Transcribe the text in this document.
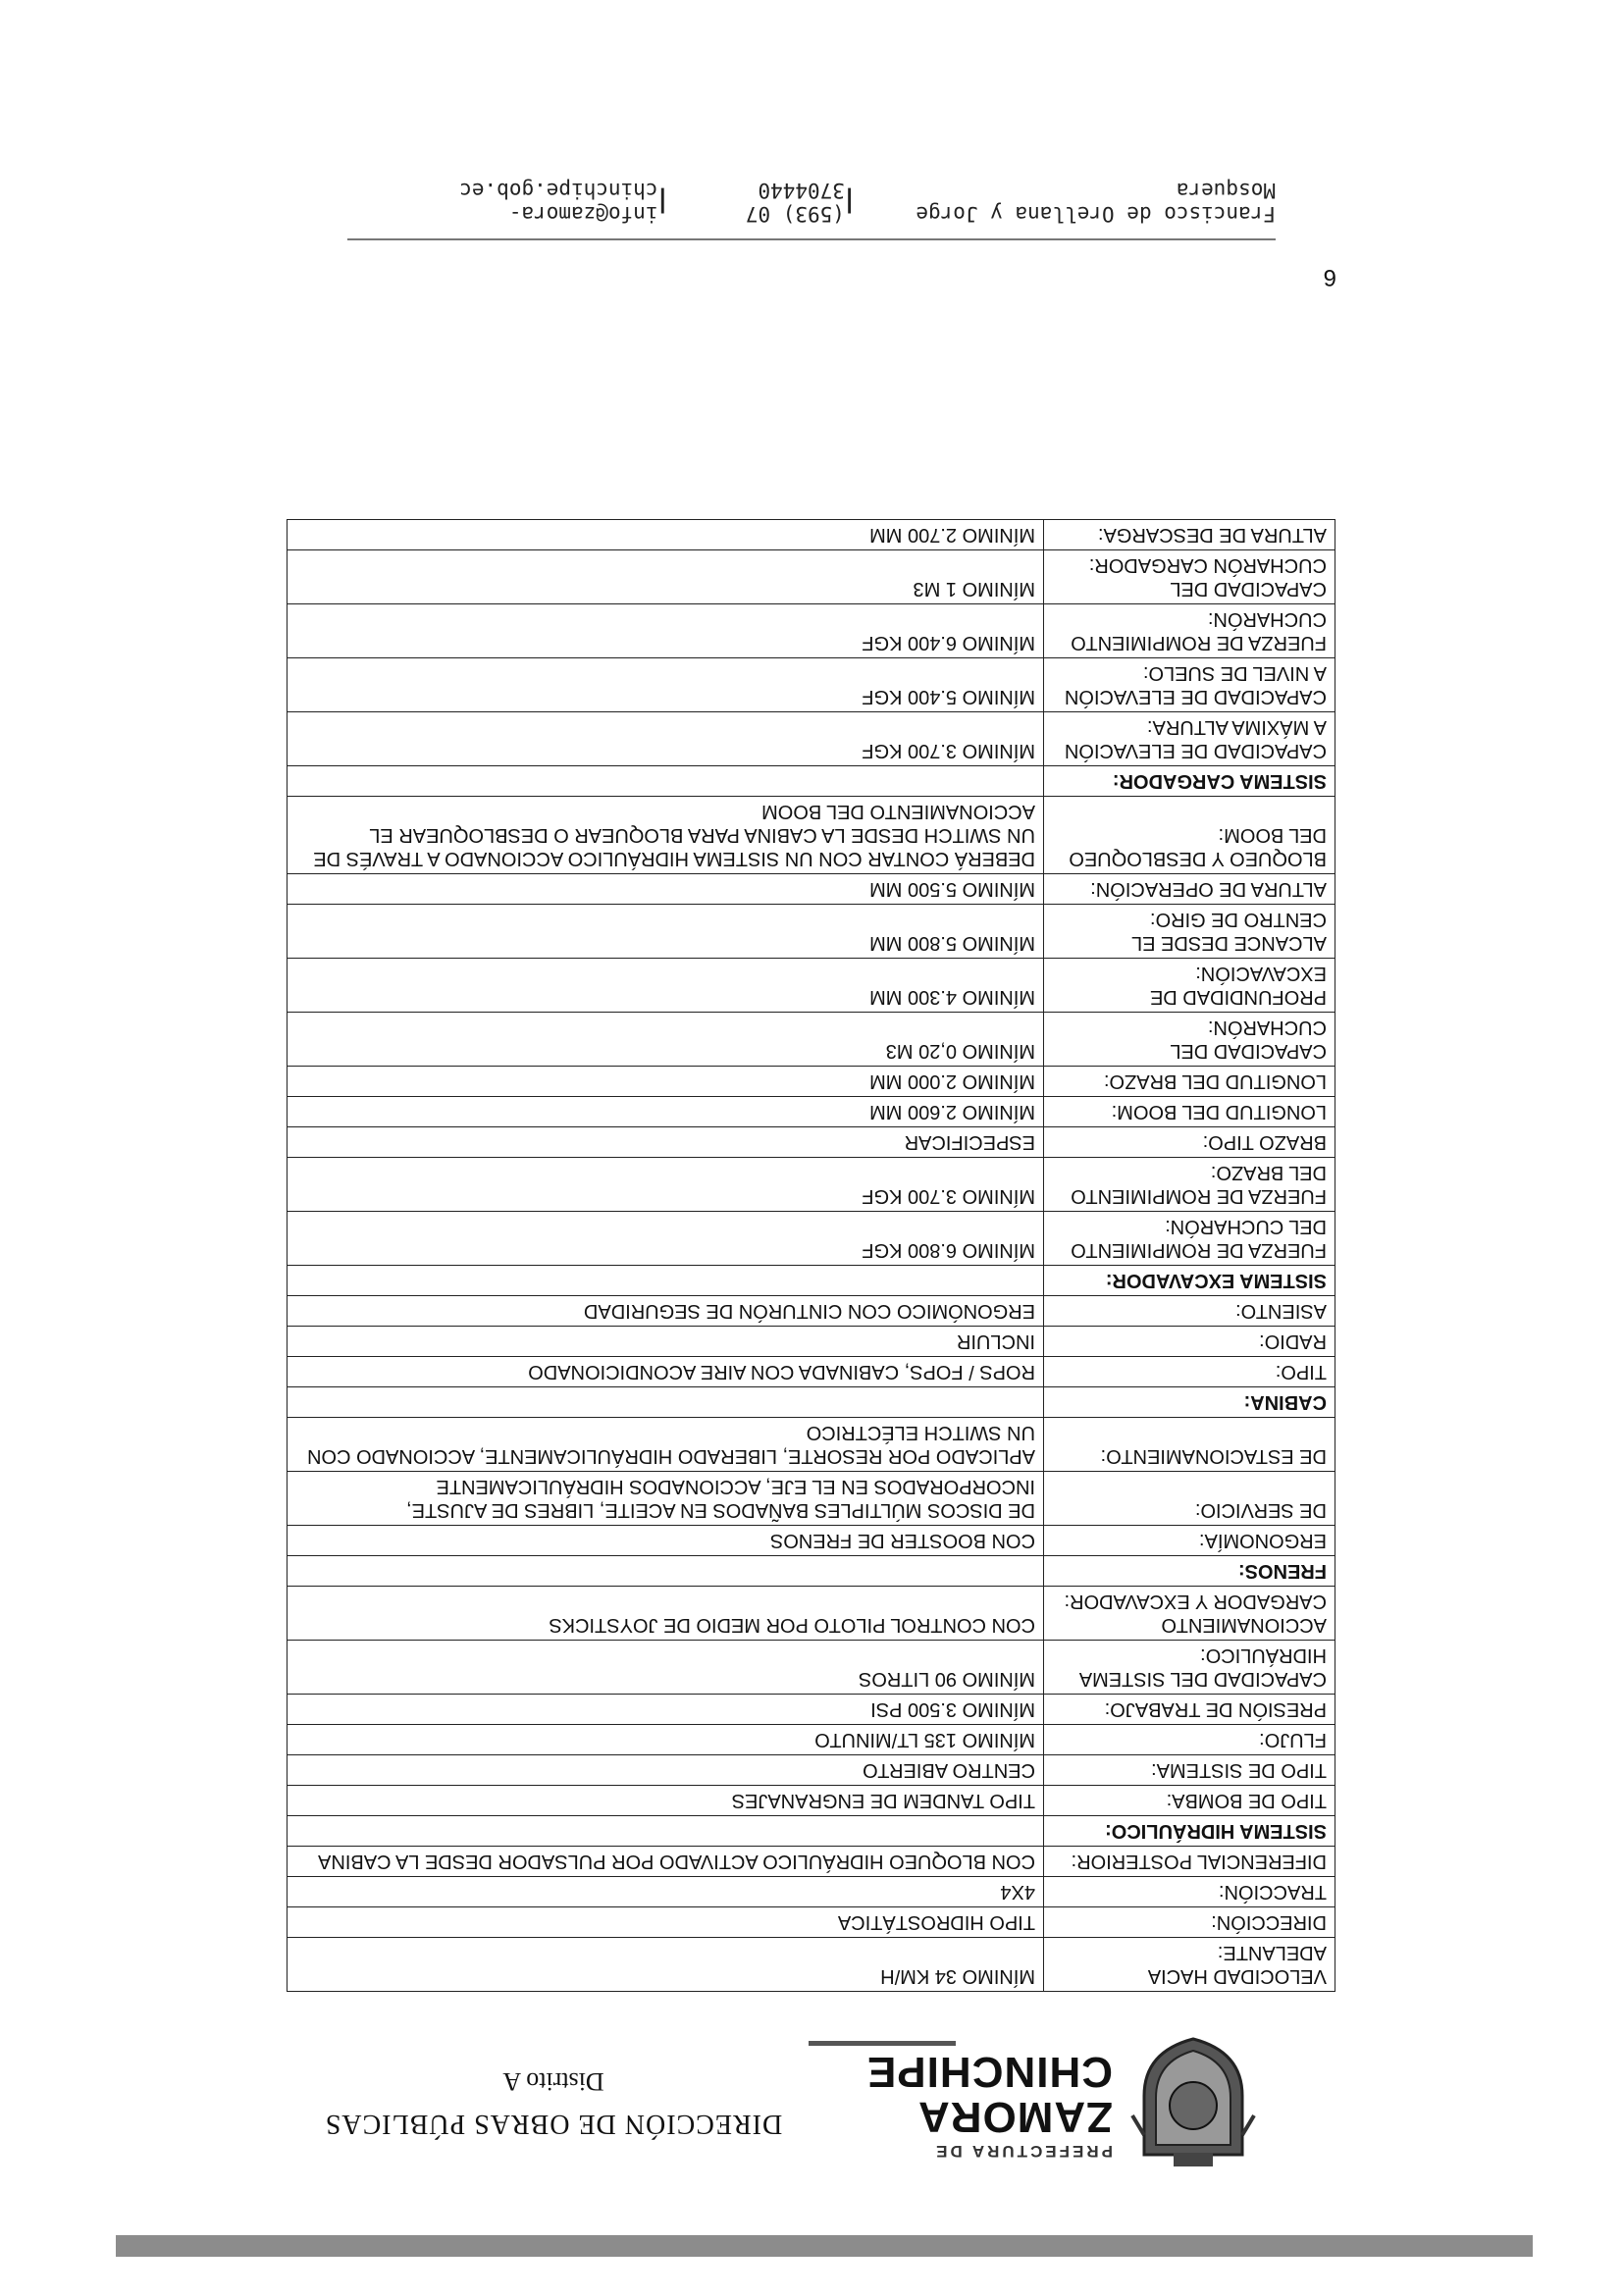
PREFECTURA DE
ZAMORA
CHINCHIPE
DIRECCIÓN DE OBRAS PÚBLICAS
Distrito A
VELOCIDAD HACIA ADELANTE:	MÍNIMO 34 KM/H
DIRECCIÓN:	TIPO HIDROSTÁTICA
TRACCIÓN:	4X4
DIFERENCIAL POSTERIOR:	CON BLOQUEO HIDRÁULICO ACTIVADO POR PULSADOR DESDE LA CABINA
SISTEMA HIDRÁULICO:	
TIPO DE BOMBA:	TIPO TANDEM DE ENGRANAJES
TIPO DE SISTEMA:	CENTRO ABIERTO
FLUJO:	MÍNIMO 135 LT/MINUTO
PRESIÓN DE TRABAJO:	MÍNIMO 3.500 PSI
CAPACIDAD DEL SISTEMA HIDRÁULICO:	MÍNIMO 90 LITROS
ACCIONAMIENTO CARGADOR Y EXCAVADOR:	CON CONTROL PILOTO POR MEDIO DE JOYSTICKS
FRENOS:	
ERGONOMÍA:	CON BOOSTER DE FRENOS
DE SERVICIO:	DE DISCOS MÚLTIPLES BAÑADOS EN ACEITE, LIBRES DE AJUSTE, INCORPORADOS EN EL EJE, ACCIONADOS HIDRÁULICAMENTE
DE ESTACIONAMIENTO:	APLICADO POR RESORTE, LIBERADO HIDRÁULICAMENTE, ACCIONADO CON UN SWITCH ELÉCTRICO
CABINA:	
TIPO:	ROPS / FOPS, CABINADA CON AIRE ACONDICIONADO
RADIO:	INCLUIR
ASIENTO:	ERGONÓMICO CON CINTURÓN DE SEGURIDAD
SISTEMA EXCAVADOR:	
FUERZA DE ROMPIMIENTO DEL CUCHARÓN:	MÍNIMO 6.800 KGF
FUERZA DE ROMPIMIENTO DEL BRAZO:	MÍNIMO 3.700 KGF
BRAZO TIPO:	ESPECIFICAR
LONGITUD DEL BOOM:	MÍNIMO 2.600 MM
LONGITUD DEL BRAZO:	MÍNIMO 2.000 MM
CAPACIDAD DEL CUCHARÓN:	MÍNIMO 0,20 M3
PROFUNDIDAD DE EXCAVACIÓN:	MÍNIMO 4.300 MM
ALCANCE DESDE EL CENTRO DE GIRO:	MÍNIMO 5.800 MM
ALTURA DE OPERACIÓN:	MÍNIMO 5.500 MM
BLOQUEO Y DESBLOQUEO DEL BOOM:	DEBERÁ CONTAR CON UN SISTEMA HIDRÁULICO ACCIONADO A TRAVÉS DE UN SWITCH DESDE LA CABINA PARA BLOQUEAR O DESBLOQUEAR EL ACCIONAMIENTO DEL BOOM
SISTEMA CARGADOR:	
CAPACIDAD DE ELEVACIÓN A MÁXIMA ALTURA:	MÍNIMO 3.700 KGF
CAPACIDAD DE ELEVACIÓN A NIVEL DE SUELO:	MÍNIMO 5.400 KGF
FUERZA DE ROMPIMIENTO CUCHARÓN:	MÍNIMO 6.400 KGF
CAPACIDAD DEL CUCHARÓN CARGADOR:	MÍNIMO 1 M3
ALTURA DE DESCARGA:	MÍNIMO 2.700 MM
6
Francisco de Orellana y Jorge Mosquera
|
(593) 07 3704440
|
info@zamora-chinchipe.gob.ec
